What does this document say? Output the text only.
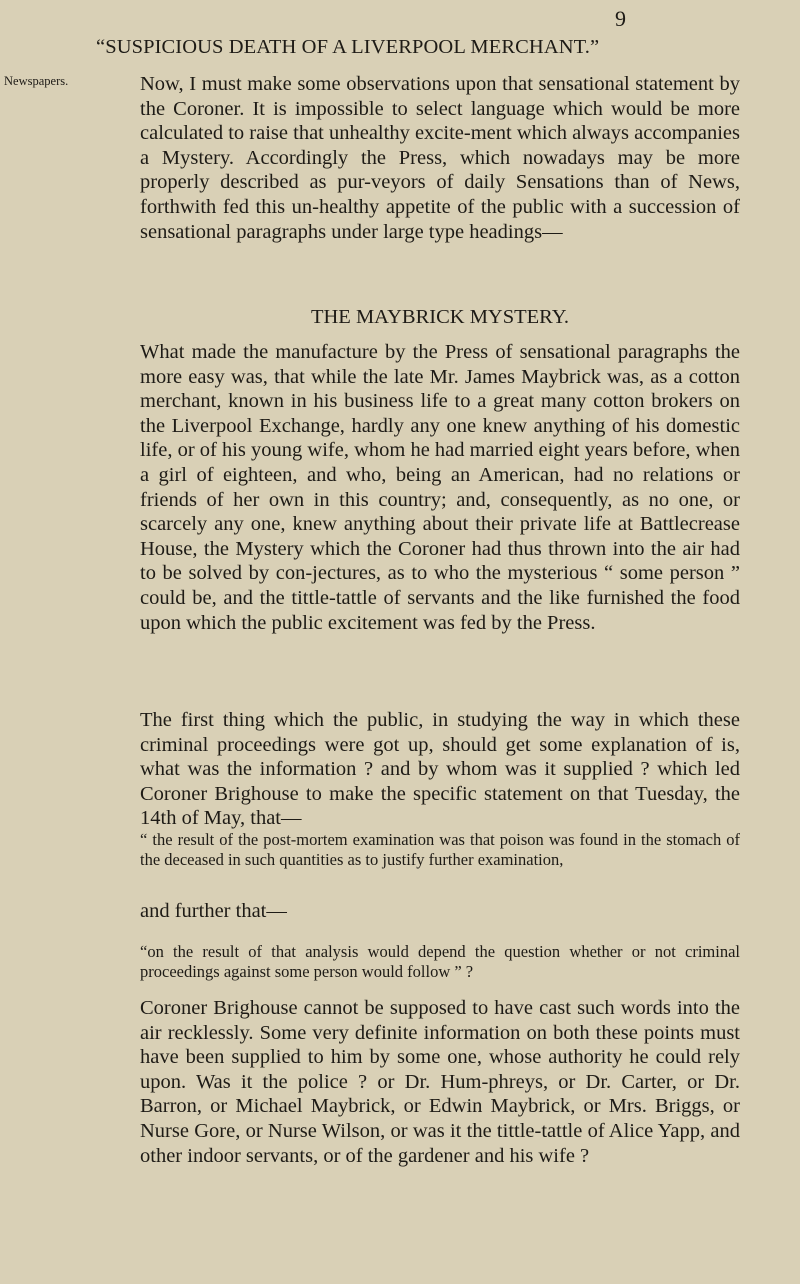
9
“SUSPICIOUS DEATH OF A LIVERPOOL MERCHANT.”
Newspapers.	Now, I must make some observations upon that sensational statement by the Coroner. It is impossible to select language which would be more calculated to raise that unhealthy excite-ment which always accompanies a Mystery. Accordingly the Press, which nowadays may be more properly described as pur-veyors of daily Sensations than of News, forthwith fed this un-healthy appetite of the public with a succession of sensational paragraphs under large type headings—

THE MAYBRICK MYSTERY.

What made the manufacture by the Press of sensational paragraphs the more easy was, that while the late Mr. James Maybrick was, as a cotton merchant, known in his business life to a great many cotton brokers on the Liverpool Exchange, hardly any one knew anything of his domestic life, or of his young wife, whom he had married eight years before, when a girl of eighteen, and who, being an American, had no relations or friends of her own in this country; and, consequently, as no one, or scarcely any one, knew anything about their private life at Battlecrease House, the Mystery which the Coroner had thus thrown into the air had to be solved by con-jectures, as to who the mysterious “ some person ” could be, and the tittle-tattle of servants and the like furnished the food upon which the public excitement was fed by the Press.

The first thing which the public, in studying the way in which these criminal proceedings were got up, should get some explanation of is, what was the information ? and by whom was it supplied ? which led Coroner Brighouse to make the specific statement on that Tuesday, the 14th of May, that—

“ the result of the post-mortem examination was that poison was found in the stomach of the deceased in such quantities as to justify further examination,

and further that—

“on the result of that analysis would depend the question whether or not criminal proceedings against some person would follow ” ?

Coroner Brighouse cannot be supposed to have cast such words into the air recklessly. Some very definite information on both these points must have been supplied to him by some one, whose authority he could rely upon. Was it the police ? or Dr. Hum-phreys, or Dr. Carter, or Dr. Barron, or Michael Maybrick, or Edwin Maybrick, or Mrs. Briggs, or Nurse Gore, or Nurse Wilson, or was it the tittle-tattle of Alice Yapp, and other indoor servants, or of the gardener and his wife ?
